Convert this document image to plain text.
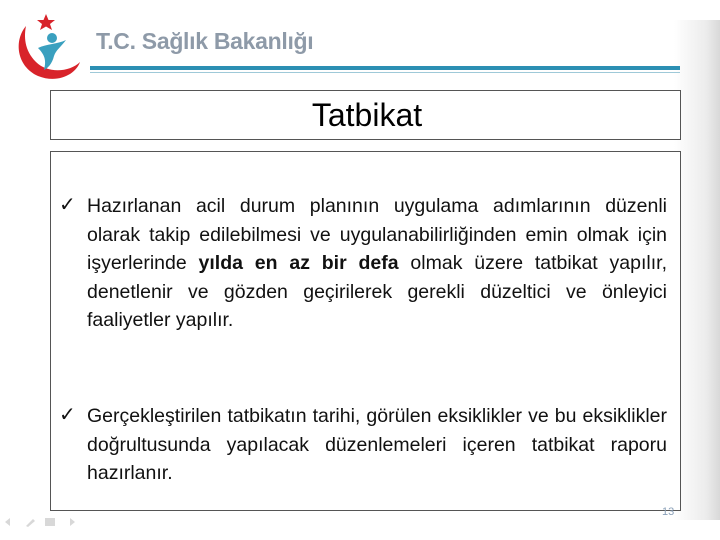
T.C. Sağlık Bakanlığı
Tatbikat
✓ Hazırlanan acil durum planının uygulama adımlarının düzenli olarak takip edilebilmesi ve uygulanabilirliğinden emin olmak için işyerlerinde yılda en az bir defa olmak üzere tatbikat yapılır, denetlenir ve gözden geçirilerek gerekli düzeltici ve önleyici faaliyetler yapılır.
✓ Gerçekleştirilen tatbikatın tarihi, görülen eksiklikler ve bu eksiklikler doğrultusunda yapılacak düzenlemeleri içeren tatbikat raporu hazırlanır.
13
